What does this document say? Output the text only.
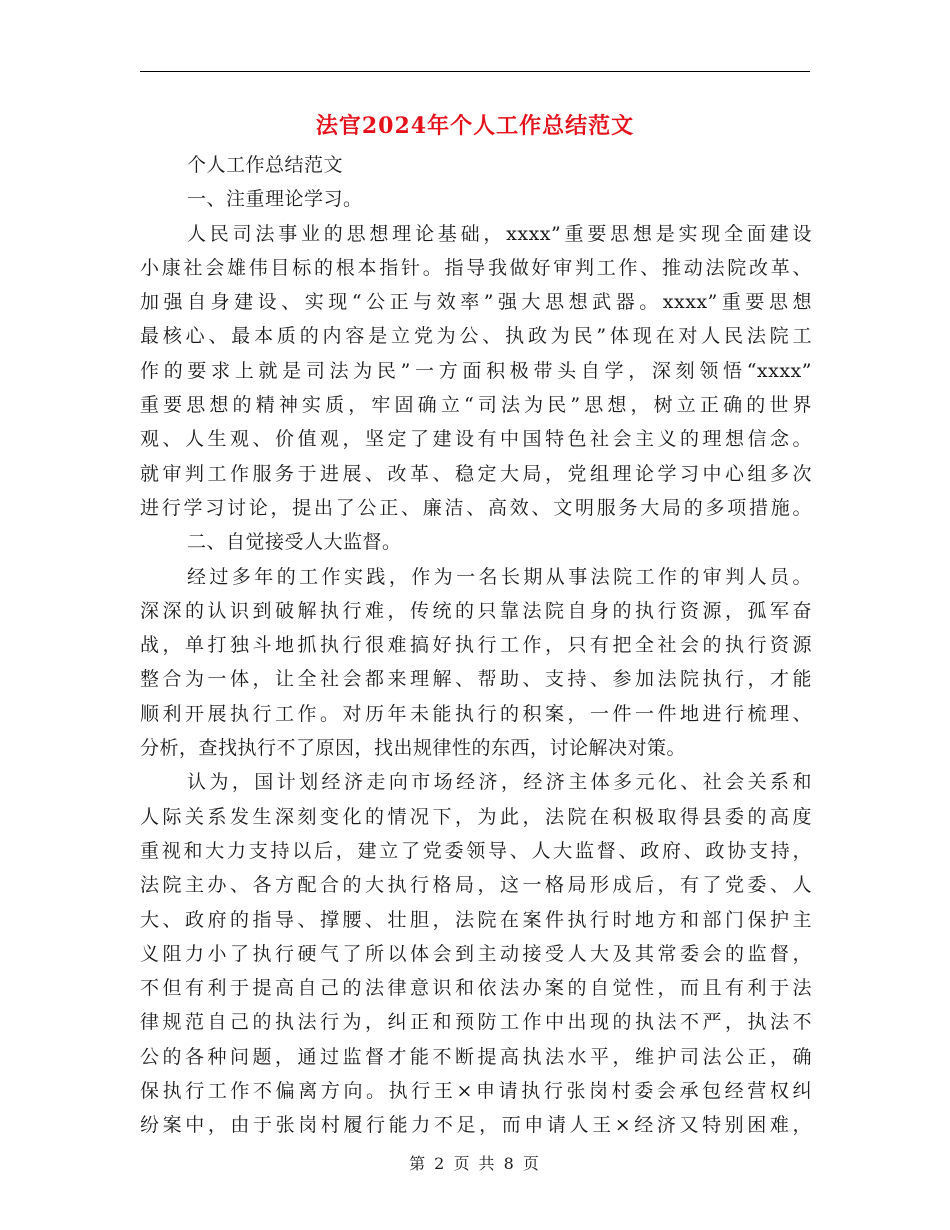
法官2024年个人工作总结范文
个人工作总结范文
一、注重理论学习。
人民司法事业的思想理论基础，xxxx”重要思想是实现全面建设
小康社会雄伟目标的根本指针。指导我做好审判工作、推动法院改革、
加强自身建设、实现“公正与效率”强大思想武器。xxxx”重要思想
最核心、最本质的内容是立党为公、执政为民”体现在对人民法院工
作的要求上就是司法为民”一方面积极带头自学，深刻领悟“xxxx”
重要思想的精神实质，牢固确立“司法为民”思想，树立正确的世界
观、人生观、价值观，坚定了建设有中国特色社会主义的理想信念。
就审判工作服务于进展、改革、稳定大局，党组理论学习中心组多次
进行学习讨论，提出了公正、廉洁、高效、文明服务大局的多项措施。
二、自觉接受人大监督。
经过多年的工作实践，作为一名长期从事法院工作的审判人员。
深深的认识到破解执行难，传统的只靠法院自身的执行资源，孤军奋
战，单打独斗地抓执行很难搞好执行工作，只有把全社会的执行资源
整合为一体，让全社会都来理解、帮助、支持、参加法院执行，才能
顺利开展执行工作。对历年未能执行的积案，一件一件地进行梳理、
分析，查找执行不了原因，找出规律性的东西，讨论解决对策。
认为，国计划经济走向市场经济，经济主体多元化、社会关系和
人际关系发生深刻变化的情况下，为此，法院在积极取得县委的高度
重视和大力支持以后，建立了党委领导、人大监督、政府、政协支持，
法院主办、各方配合的大执行格局，这一格局形成后，有了党委、人
大、政府的指导、撑腰、壮胆，法院在案件执行时地方和部门保护主
义阻力小了执行硬气了所以体会到主动接受人大及其常委会的监督，
不但有利于提高自己的法律意识和依法办案的自觉性，而且有利于法
律规范自己的执法行为，纠正和预防工作中出现的执法不严，执法不
公的各种问题，通过监督才能不断提高执法水平，维护司法公正，确
保执行工作不偏离方向。执行王×申请执行张岗村委会承包经营权纠
纷案中，由于张岗村履行能力不足，而申请人王×经济又特别困难，
第 2 页 共 8 页
